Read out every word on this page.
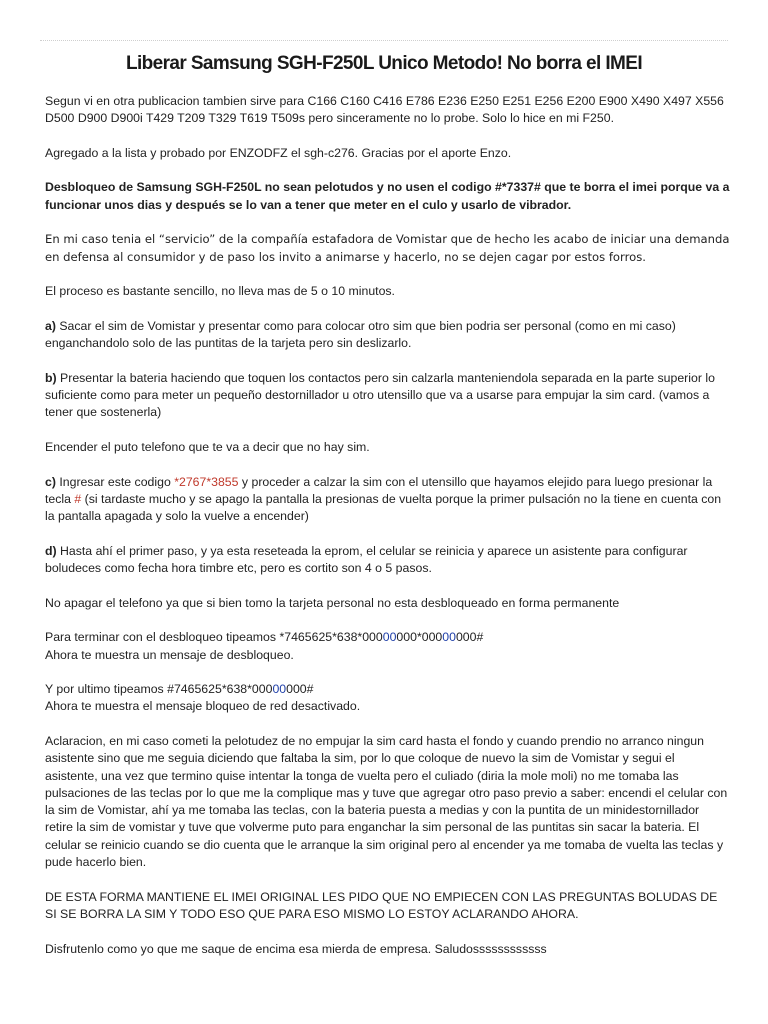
Liberar Samsung SGH-F250L Unico Metodo! No borra el IMEI

Segun vi en otra publicacion tambien sirve para C166 C160 C416 E786 E236 E250 E251 E256 E200 E900 X490 X497 X556 D500 D900 D900i T429 T209 T329 T619 T509s pero sinceramente no lo probe. Solo lo hice en mi F250.

Agregado a la lista y probado por ENZODFZ el sgh-c276. Gracias por el aporte Enzo.

Desbloqueo de Samsung SGH-F250L no sean pelotudos y no usen el codigo #*7337# que te borra el imei porque va a funcionar unos dias y después se lo van a tener que meter en el culo y usarlo de vibrador.

En mi caso tenia el “servicio” de la compañía estafadora de Vomistar que de hecho les acabo de iniciar una demanda en defensa al consumidor y de paso los invito a animarse y hacerlo, no se dejen cagar por estos forros.

El proceso es bastante sencillo, no lleva mas de 5 o 10 minutos.

a) Sacar el sim de Vomistar y presentar como para colocar otro sim que bien podria ser personal (como en mi caso) enganchandolo solo de las puntitas de la tarjeta pero sin deslizarlo.

b) Presentar la bateria haciendo que toquen los contactos pero sin calzarla manteniendola separada en la parte superior lo suficiente como para meter un pequeño destornillador u otro utensillo que va a usarse para empujar la sim card. (vamos a tener que sostenerla)

Encender el puto telefono que te va a decir que no hay sim.

c) Ingresar este codigo *2767*3855 y proceder a calzar la sim con el utensillo que hayamos elejido para luego presionar la tecla # (si tardaste mucho y se apago la pantalla la presionas de vuelta porque la primer pulsación no la tiene en cuenta con la pantalla apagada y solo la vuelve a encender)

d) Hasta ahí el primer paso, y ya esta reseteada la eprom, el celular se reinicia y aparece un asistente para configurar boludeces como fecha hora timbre etc, pero es cortito son 4 o 5 pasos.

No apagar el telefono ya que si bien tomo la tarjeta personal no esta desbloqueado en forma permanente

Para terminar con el desbloqueo tipeamos *7465625*638*00000000*00000000#
Ahora te muestra un mensaje de desbloqueo.

Y por ultimo tipeamos #7465625*638*00000000#
Ahora te muestra el mensaje bloqueo de red desactivado.

Aclaracion, en mi caso cometi la pelotudez de no empujar la sim card hasta el fondo y cuando prendio no arranco ningun asistente sino que me seguia diciendo que faltaba la sim, por lo que coloque de nuevo la sim de Vomistar y segui el asistente, una vez que termino quise intentar la tonga de vuelta pero el culiado (diria la mole moli) no me tomaba las pulsaciones de las teclas por lo que me la complique mas y tuve que agregar otro paso previo a saber: encendi el celular con la sim de Vomistar, ahí ya me tomaba las teclas, con la bateria puesta a medias y con la puntita de un minidestornillador retire la sim de vomistar y tuve que volverme puto para enganchar la sim personal de las puntitas sin sacar la bateria. El celular se reinicio cuando se dio cuenta que le arranque la sim original pero al encender ya me tomaba de vuelta las teclas y pude hacerlo bien.

DE ESTA FORMA MANTIENE EL IMEI ORIGINAL LES PIDO QUE NO EMPIECEN CON LAS PREGUNTAS BOLUDAS DE SI SE BORRA LA SIM Y TODO ESO QUE PARA ESO MISMO LO ESTOY ACLARANDO AHORA.

Disfrutenlo como yo que me saque de encima esa mierda de empresa. Saludossssssssssss
